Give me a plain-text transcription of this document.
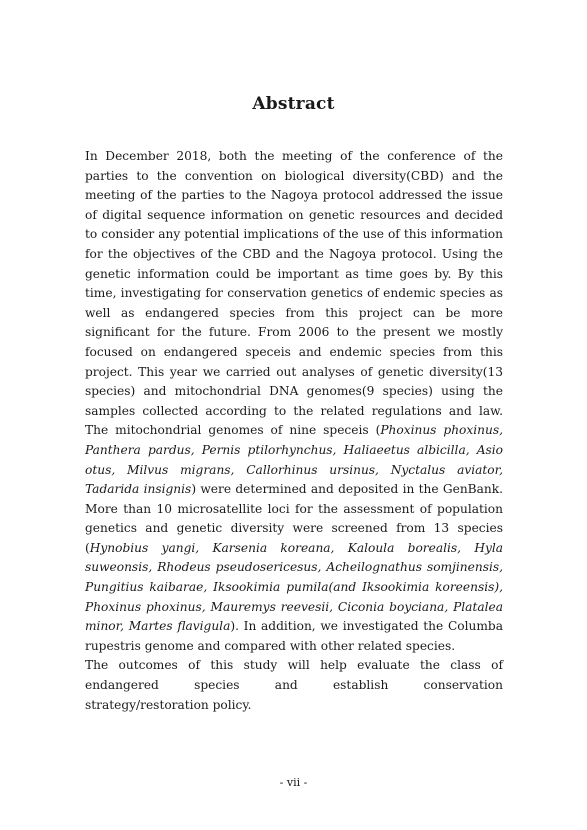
Abstract

In December 2018, both the meeting of the conference of the parties to the convention on biological diversity(CBD) and the meeting of the parties to the Nagoya protocol addressed the issue of digital sequence information on genetic resources and decided to consider any potential implications of the use of this information for the objectives of the CBD and the Nagoya protocol. Using the genetic information could be important as time goes by. By this time, investigating for conservation genetics of endemic species as well as endangered species from this project can be more significant for the future. From 2006 to the present we mostly focused on endangered speceis and endemic species from this project. This year we carried out analyses of genetic diversity(13 species) and mitochondrial DNA genomes(9 species) using the samples collected according to the related regulations and law. The mitochondrial genomes of nine speceis (Phoxinus phoxinus, Panthera pardus, Pernis ptilorhynchus, Haliaeetus albicilla, Asio otus, Milvus migrans, Callorhinus ursinus, Nyctalus aviator, Tadarida insignis) were determined and deposited in the GenBank. More than 10 microsatellite loci for the assessment of population genetics and genetic diversity were screened from 13 species (Hynobius yangi, Karsenia koreana, Kaloula borealis, Hyla suweonsis, Rhodeus pseudosericesus, Acheilognathus somjinensis, Pungitius kaibarae, Iksookimia pumila(and Iksookimia koreensis), Phoxinus phoxinus, Mauremys reevesii, Ciconia boyciana, Platalea minor, Martes flavigula). In addition, we investigated the Columba rupestris genome and compared with other related species.

The outcomes of this study will help evaluate the class of endangered species and establish conservation strategy/restoration policy.

- vii -
